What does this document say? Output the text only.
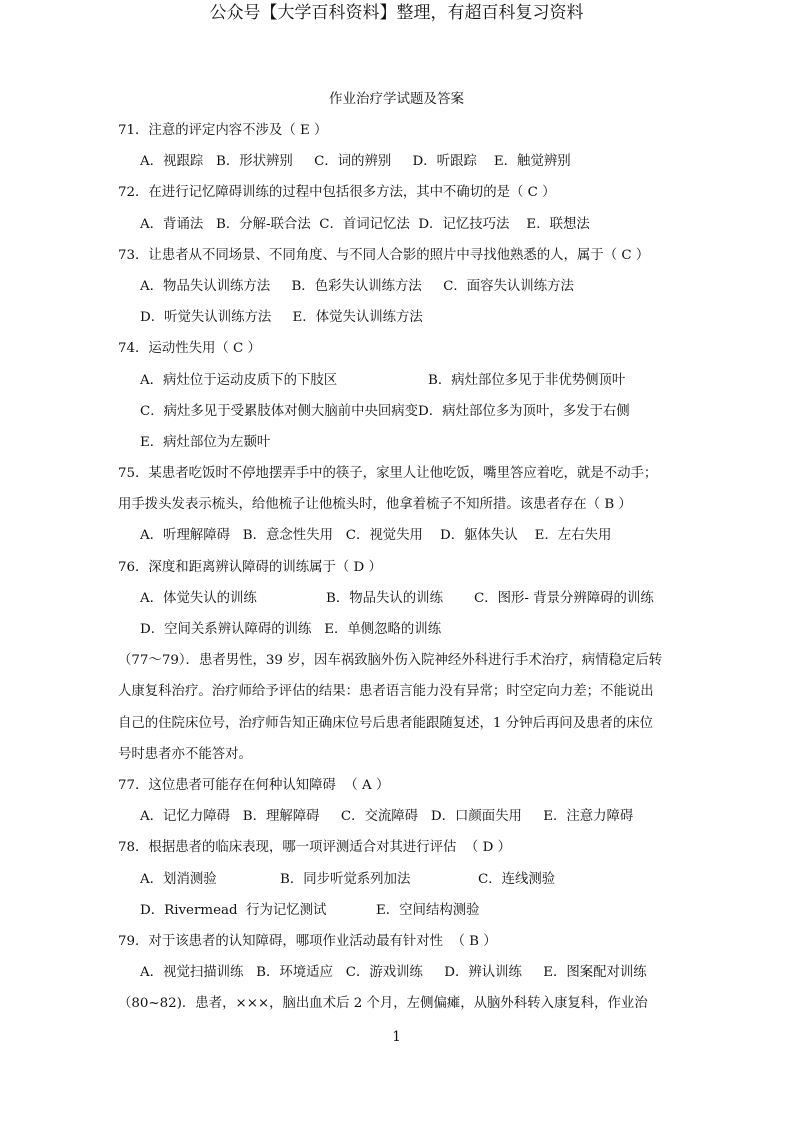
公众号【大学百科资料】整理，有超百科复习资料
作业治疗学试题及答案
71．注意的评定内容不涉及（ E ）
A．视跟踪   B．形状辨别     C．词的辨别     D．听跟踪    E．触觉辨别
72．在进行记忆障碍训练的过程中包括很多方法，其中不确切的是（ C ）
A．背诵法   B．分解-联合法  C．首词记忆法  D．记忆技巧法    E．联想法
73．让患者从不同场景、不同角度、与不同人合影的照片中寻找他熟悉的人，属于（ C ）
A．物品失认训练方法     B．色彩失认训练方法     C．面容失认训练方法
D．听觉失认训练方法     E．体觉失认训练方法
74．运动性失用（ C ）
A．病灶位于运动皮质下的下肢区	B．病灶部位多见于非优势侧顶叶
C．病灶多见于受累肢体对侧大脑前中央回病变D．病灶部位多为顶叶，多发于右侧
E．病灶部位为左颞叶
75．某患者吃饭时不停地摆弄手中的筷子，家里人让他吃饭，嘴里答应着吃，就是不动手；
用手拨头发表示梳头，给他梳子让他梳头时，他拿着梳子不知所措。该患者存在（ B ）
A．听理解障碍   B．意念性失用   C．视觉失用    D．躯体失认    E．左右失用
76．深度和距离辨认障碍的训练属于（ D ）
A．体觉失认的训练	B．物品失认的训练 C．图形- 背景分辨障碍的训练
D．空间关系辨认障碍的训练   E．单侧忽略的训练
（77～79）．患者男性，39 岁，因车祸致脑外伤入院神经外科进行手术治疗，病情稳定后转
人康复科治疗。治疗师给予评估的结果：患者语言能力没有异常；时空定向力差；不能说出
自己的住院床位号，治疗师告知正确床位号后患者能跟随复述，1 分钟后再问及患者的床位
号时患者亦不能答对。
77．这位患者可能存在何种认知障碍  （ A ）
A．记忆力障碍   B．理解障碍     C．交流障碍   D．口颜面失用     E．注意力障碍
78．根据患者的临床表现，哪一项评测适合对其进行评估  （ D ）
A．划消测验	B．同步听觉系列加法	C．连线测验
D．Rivermead  行为记忆测试	E．空间结构测验
79．对于该患者的认知障碍，哪项作业活动最有针对性  （ B ）
A．视觉扫描训练   B．环境适应   C．游戏训练     D．辨认训练     E．图案配对训练
（80~82)．患者，×××，脑出血术后 2 个月，左侧偏瘫，从脑外科转入康复科，作业治
1
